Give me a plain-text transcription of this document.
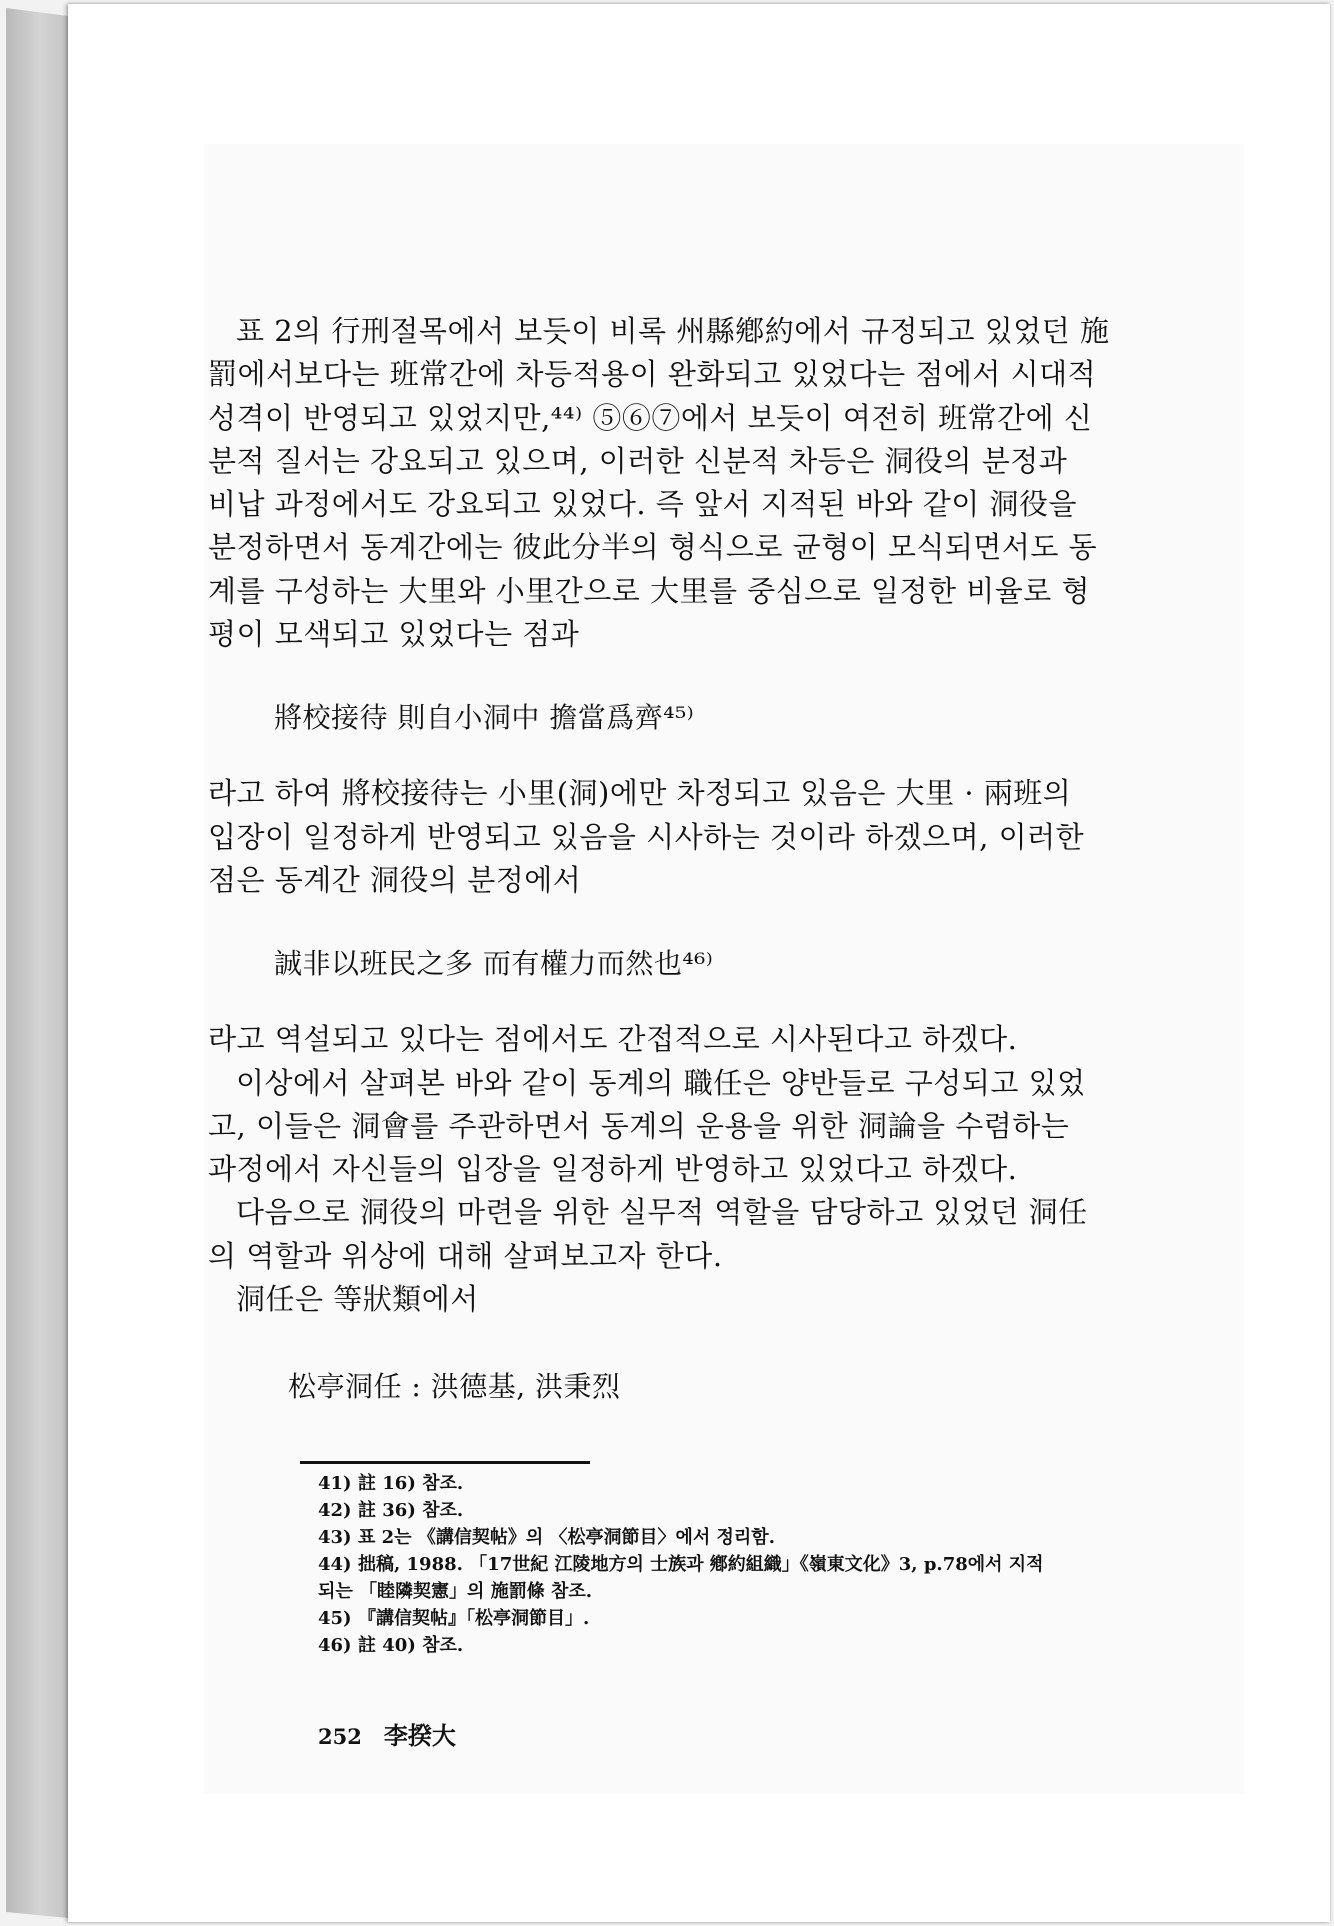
표 2의 行刑절목에서 보듯이 비록 州縣鄕約에서 규정되고 있었던 施
罰에서보다는 班常간에 차등적용이 완화되고 있었다는 점에서 시대적
성격이 반영되고 있었지만,⁴⁴⁾ ⑤⑥⑦에서 보듯이 여전히 班常간에 신
분적 질서는 강요되고 있으며, 이러한 신분적 차등은 洞役의 분정과
비납 과정에서도 강요되고 있었다. 즉 앞서 지적된 바와 같이 洞役을
분정하면서 동계간에는 彼此分半의 형식으로 균형이 모식되면서도 동
계를 구성하는 大里와 小里간으로 大里를 중심으로 일정한 비율로 형
평이 모색되고 있었다는 점과

將校接待 則自小洞中 擔當爲齊⁴⁵⁾

라고 하여 將校接待는 小里(洞)에만 차정되고 있음은 大里 · 兩班의
입장이 일정하게 반영되고 있음을 시사하는 것이라 하겠으며, 이러한
점은 동계간 洞役의 분정에서

誠非以班民之多 而有權力而然也⁴⁶⁾

라고 역설되고 있다는 점에서도 간접적으로 시사된다고 하겠다.
이상에서 살펴본 바와 같이 동계의 職任은 양반들로 구성되고 있었
고, 이들은 洞會를 주관하면서 동계의 운용을 위한 洞論을 수렴하는
과정에서 자신들의 입장을 일정하게 반영하고 있었다고 하겠다.
다음으로 洞役의 마련을 위한 실무적 역할을 담당하고 있었던 洞任
의 역할과 위상에 대해 살펴보고자 한다.
洞任은 等狀類에서

松亭洞任 : 洪德基, 洪秉烈

41) 註 16) 참조.

42) 註 36) 참조.

43) 표 2는 《講信契帖》의 〈松亭洞節目〉에서 정리함.

44) 拙稿, 1988. 「17世紀 江陵地方의 士族과 鄕約組織」《嶺東文化》3, p.78에서 지적

되는 「睦隣契憲」의 施罰條 참조.

45) 『講信契帖』「松亭洞節目」.

46) 註 40) 참조.

252 李揆大
